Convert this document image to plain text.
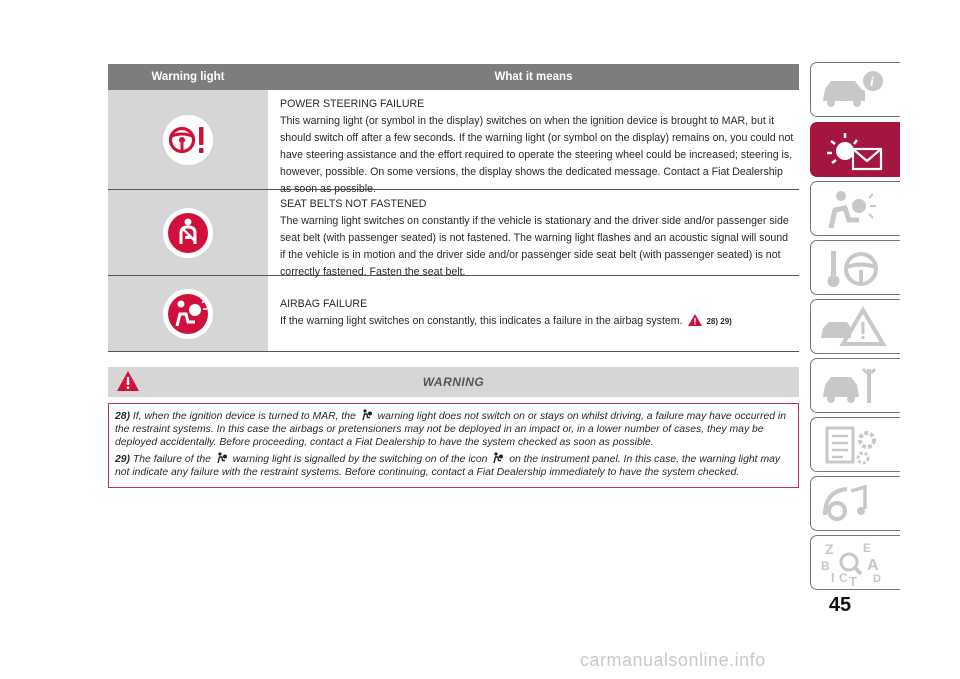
Warning light	What it means
POWER STEERING FAILURE
This warning light (or symbol in the display) switches on when the ignition device is brought to MAR, but it should switch off after a few seconds. If the warning light (or symbol on the display) remains on, you could not have steering assistance and the effort required to operate the steering wheel could be increased; steering is, however, possible. On some versions, the display shows the dedicated message. Contact a Fiat Dealership as soon as possible.
SEAT BELTS NOT FASTENED
The warning light switches on constantly if the vehicle is stationary and the driver side and/or passenger side seat belt (with passenger seated) is not fastened. The warning light flashes and an acoustic signal will sound if the vehicle is in motion and the driver side and/or passenger side seat belt (with passenger seated) is not correctly fastened. Fasten the seat belt.
AIRBAG FAILURE
If the warning light switches on constantly, this indicates a failure in the airbag system.	28) 29)
WARNING

28) If, when the ignition device is turned to MAR, the warning light does not switch on or stays on whilst driving, a failure may have occurred in the restraint systems. In this case the airbags or pretensioners may not be deployed in an impact or, in a lower number of cases, they may be deployed accidentally. Before proceeding, contact a Fiat Dealership to have the system checked as soon as possible.

29) The failure of the warning light is signalled by the switching on of the icon on the instrument panel. In this case, the warning light may not indicate any failure with the restraint systems. Before continuing, contact a Fiat Dealership immediately to have the system checked.

i
Z E
B A
I C T D
45
carmanualsonline.info
